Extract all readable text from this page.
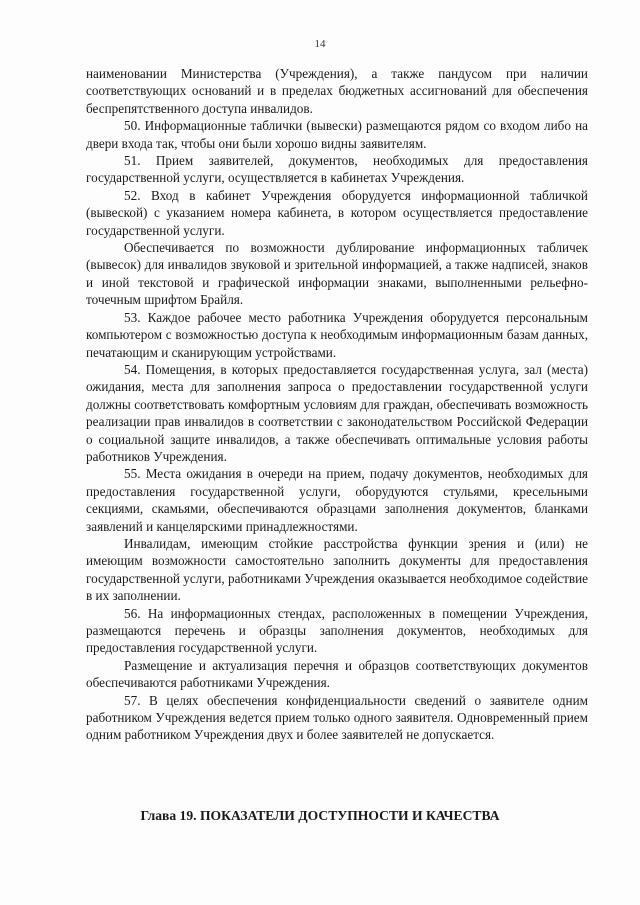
14

наименовании Министерства (Учреждения), а также пандусом при наличии соответствующих оснований и в пределах бюджетных ассигнований для обеспечения беспрепятственного доступа инвалидов.

50. Информационные таблички (вывески) размещаются рядом со входом либо на двери входа так, чтобы они были хорошо видны заявителям.

51. Прием заявителей, документов, необходимых для предоставления государственной услуги, осуществляется в кабинетах Учреждения.

52. Вход в кабинет Учреждения оборудуется информационной табличкой (вывеской) с указанием номера кабинета, в котором осуществляется предоставление государственной услуги.

Обеспечивается по возможности дублирование информационных табличек (вывесок) для инвалидов звуковой и зрительной информацией, а также надписей, знаков и иной текстовой и графической информации знаками, выполненными рельефно-точечным шрифтом Брайля.

53. Каждое рабочее место работника Учреждения оборудуется персональным компьютером с возможностью доступа к необходимым информационным базам данных, печатающим и сканирующим устройствами.

54. Помещения, в которых предоставляется государственная услуга, зал (места) ожидания, места для заполнения запроса о предоставлении государственной услуги должны соответствовать комфортным условиям для граждан, обеспечивать возможность реализации прав инвалидов в соответствии с законодательством Российской Федерации о социальной защите инвалидов, а также обеспечивать оптимальные условия работы работников Учреждения.

55. Места ожидания в очереди на прием, подачу документов, необходимых для предоставления государственной услуги, оборудуются стульями, кресельными секциями, скамьями, обеспечиваются образцами заполнения документов, бланками заявлений и канцелярскими принадлежностями.

Инвалидам, имеющим стойкие расстройства функции зрения и (или) не имеющим возможности самостоятельно заполнить документы для предоставления государственной услуги, работниками Учреждения оказывается необходимое содействие в их заполнении.

56. На информационных стендах, расположенных в помещении Учреждения, размещаются перечень и образцы заполнения документов, необходимых для предоставления государственной услуги.

Размещение и актуализация перечня и образцов соответствующих документов обеспечиваются работниками Учреждения.

57. В целях обеспечения конфиденциальности сведений о заявителе одним работником Учреждения ведется прием только одного заявителя. Одновременный прием одним работником Учреждения двух и более заявителей не допускается.

Глава 19. ПОКАЗАТЕЛИ ДОСТУПНОСТИ И КАЧЕСТВА
